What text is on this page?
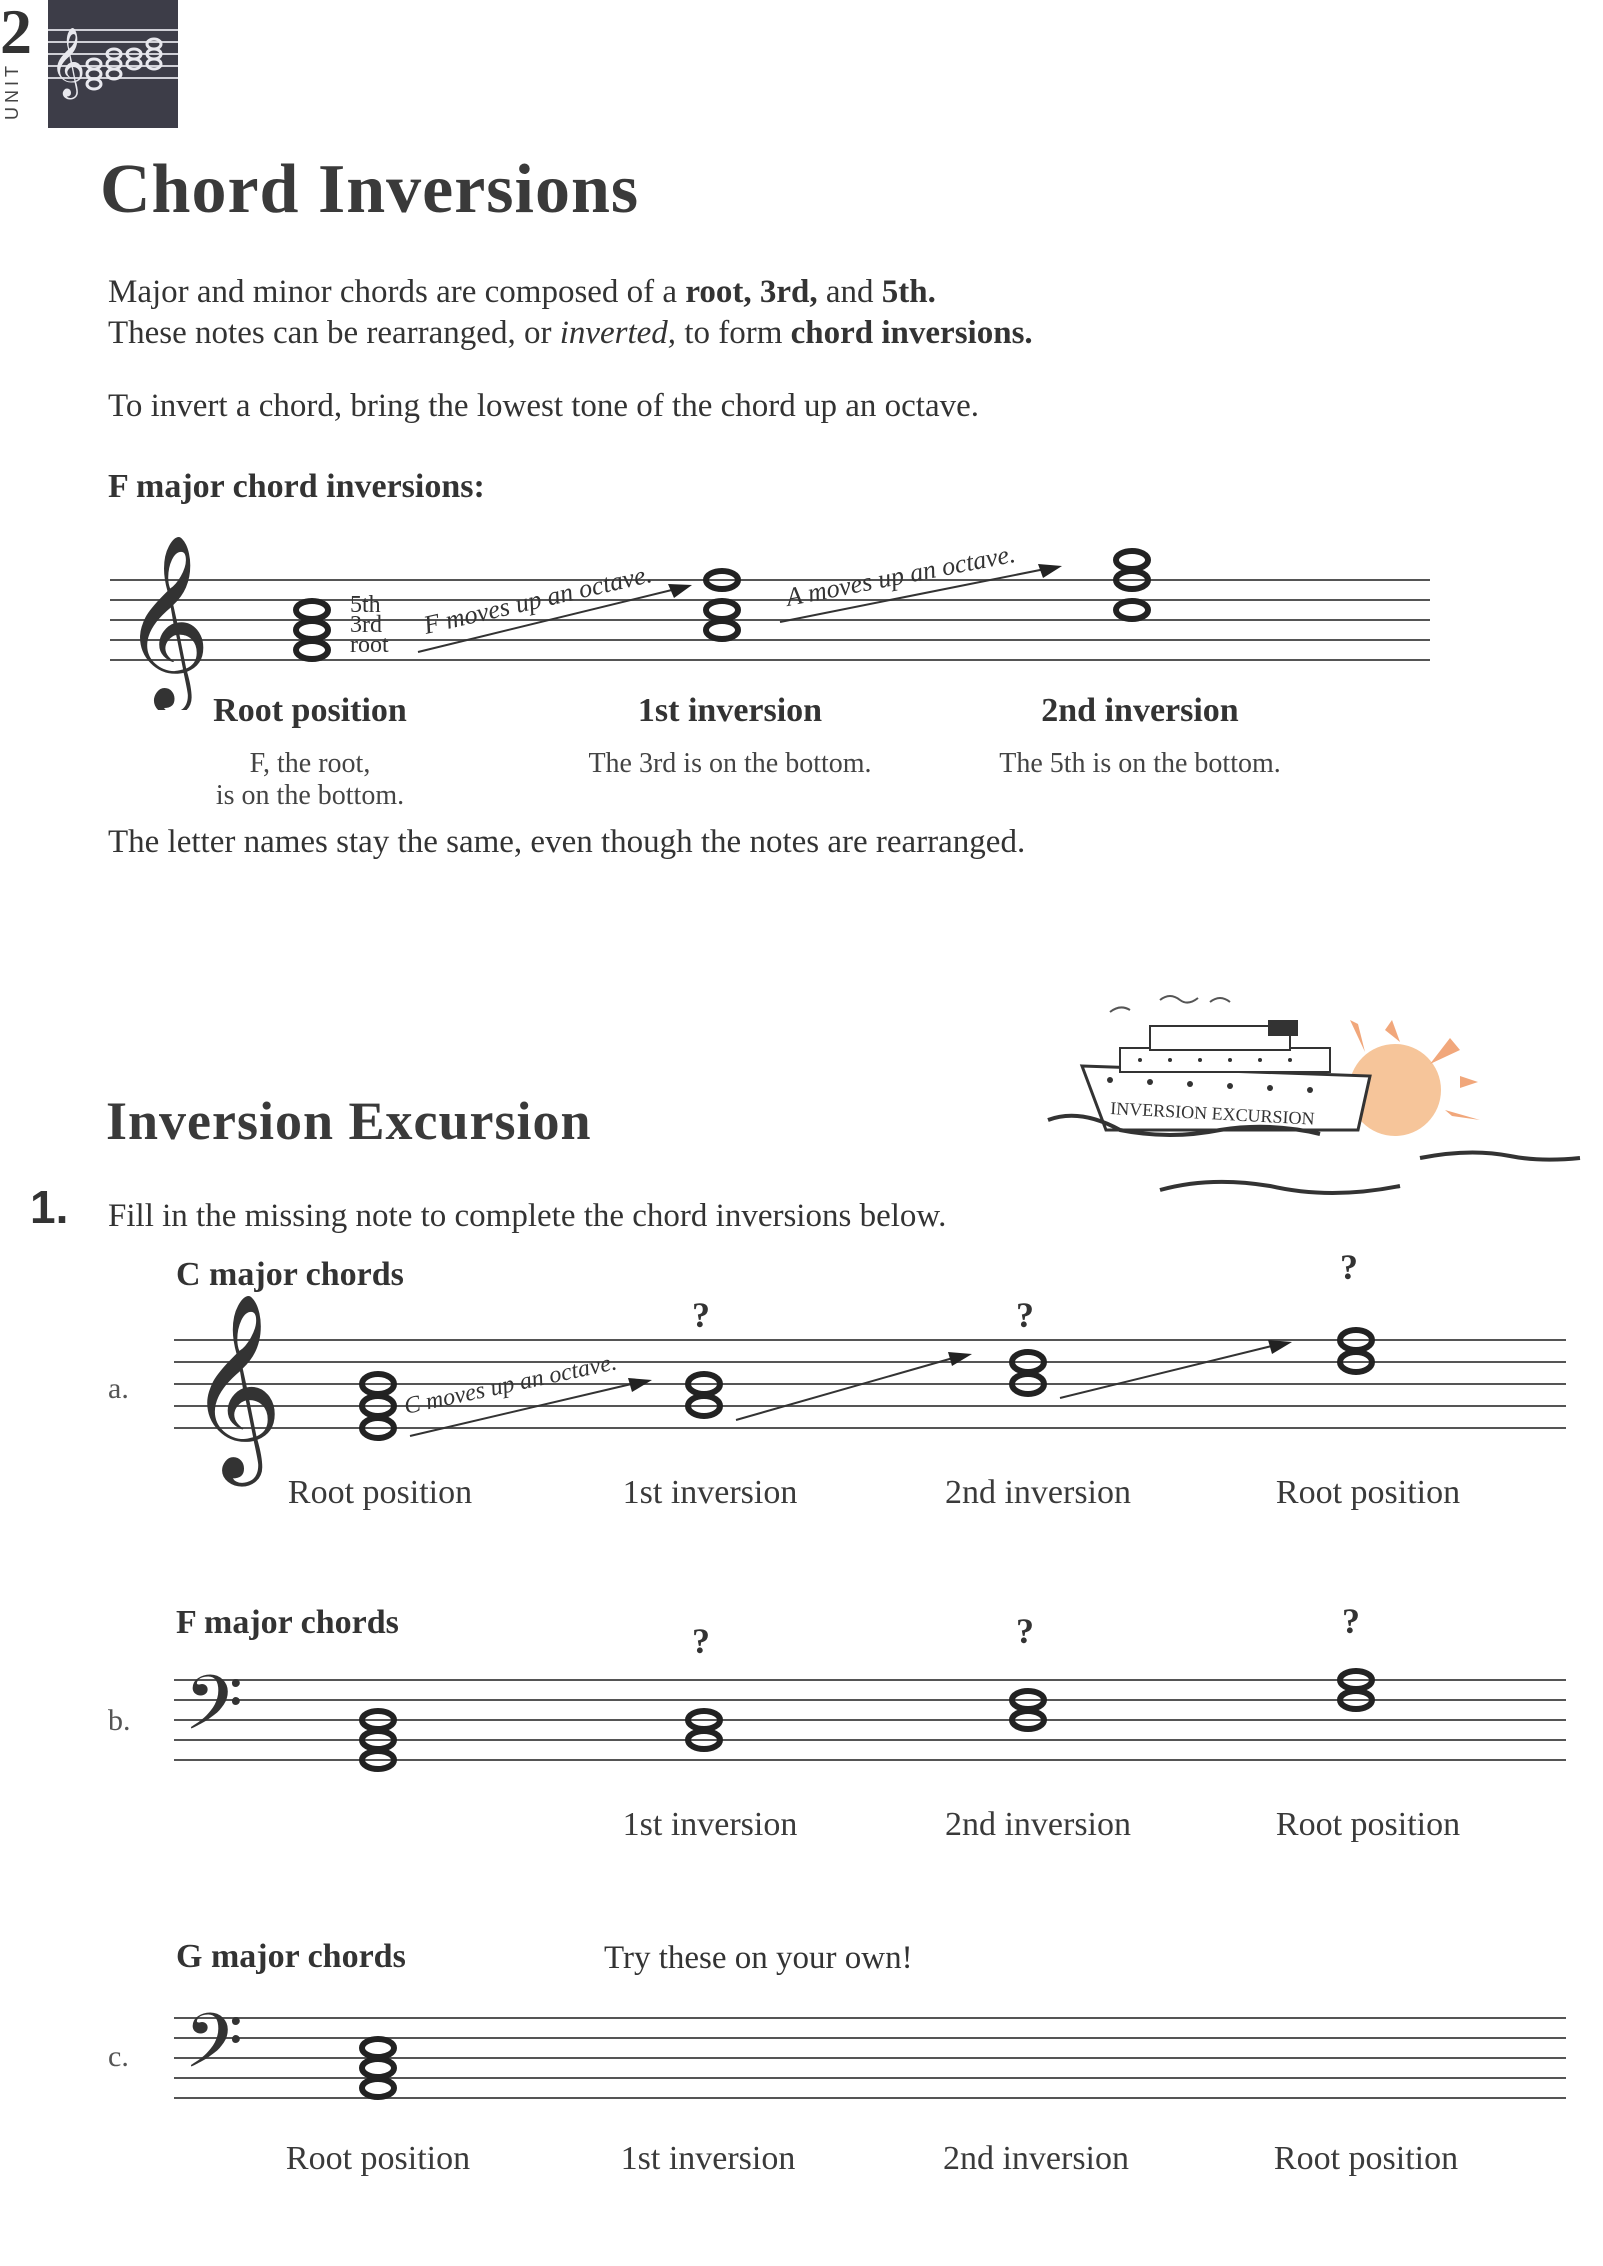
2
UNIT 𝄞
Chord Inversions
Major and minor chords are composed of a root, 3rd, and 5th.
These notes can be rearranged, or inverted, to form chord inversions.
To invert a chord, bring the lowest tone of the chord up an octave.
F major chord inversions:
𝄞	5th
3rd
root
F moves up an octave.	A moves up an octave.
Root position
F, the root,
is on the bottom.
1st inversion
The 3rd is on the bottom.
2nd inversion
The 5th is on the bottom.
The letter names stay the same, even though the notes are rearranged.
INVERSION EXCURSION
Inversion Excursion
1. Fill in the missing note to complete the chord inversions below.
C major chords
a.
?	?
?
𝄞	C moves up an octave.
Root position	1st inversion	2nd inversion	Root position
F major chords
b.
?	?	?
𝄢
1st inversion	2nd inversion	Root position
G major chords	Try these on your own!
c. 𝄢
Root position	1st inversion	2nd inversion	Root position
